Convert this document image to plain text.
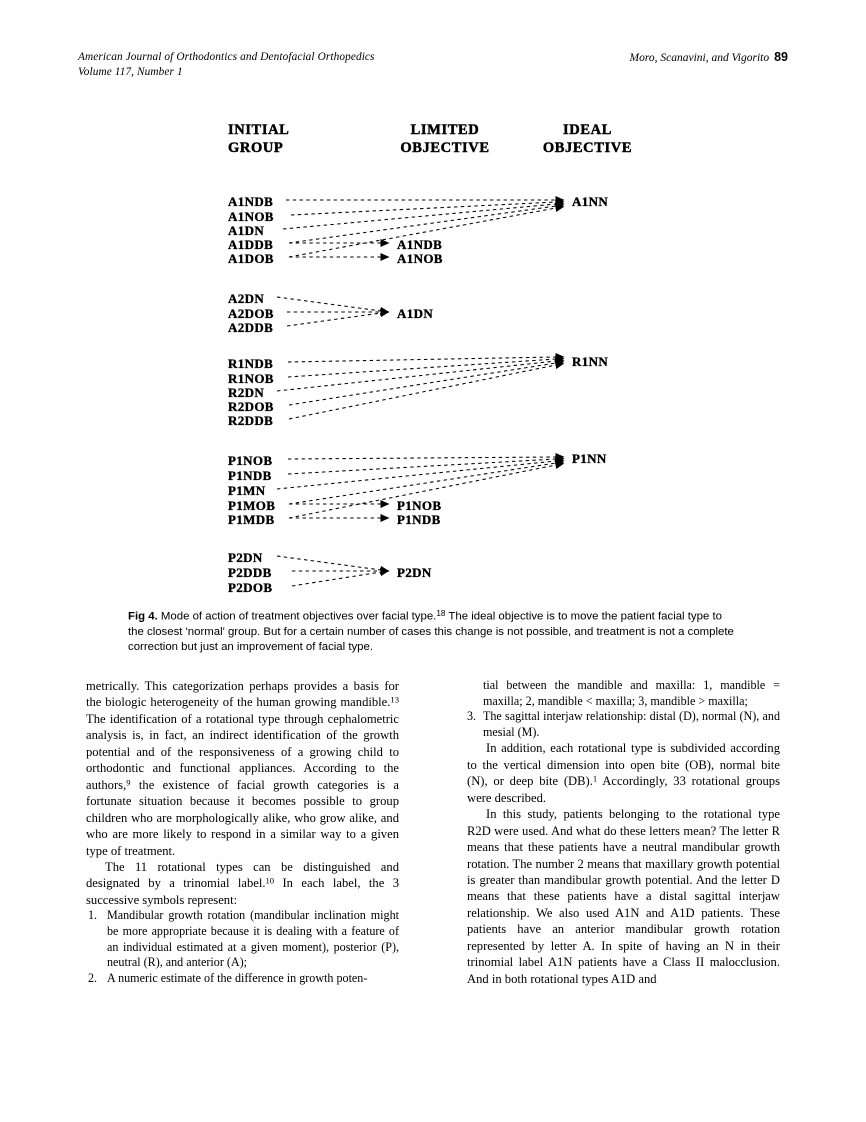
American Journal of Orthodontics and Dentofacial Orthopedics
Volume 117, Number 1
Moro, Scanavini, and Vigorito 89
INITIAL
GROUP
LIMITED
OBJECTIVE
IDEAL
OBJECTIVE
A1NDB
A1NOB
A1DN
A1DDB
A1DOB
A1NDB
A1NOB
A1NN
A2DN
A2DOB
A2DDB
A1DN
R1NDB
R1NOB
R2DN
R2DOB
R2DDB
R1NN
P1NOB
P1NDB
P1MN
P1MOB
P1MDB
P1NOB
P1NDB
P1NN
P2DN
P2DDB
P2DOB
P2DN
Fig 4. Mode of action of treatment objectives over facial type.$^{18}$ The ideal objective is to move the patient facial type to the closest 'normal' group. But for a certain number of cases this change is not possible, and treatment is not a complete correction but just an improvement of facial type.

metrically. This categorization perhaps provides a basis for the biologic heterogeneity of the human growing mandible.$^{13}$ The identification of a rotational type through cephalometric analysis is, in fact, an indirect identification of the growth potential and of the responsiveness of a growing child to orthodontic and functional appliances. According to the authors,$^9$ the existence of facial growth categories is a fortunate situation because it becomes possible to group children who are morphologically alike, who grow alike, and who are more likely to respond in a similar way to a given type of treatment.

The 11 rotational types can be distinguished and designated by a trinomial label.$^{10}$ In each label, the 3 successive symbols represent:

1. Mandibular growth rotation (mandibular inclination might be more appropriate because it is dealing with a feature of an individual estimated at a given moment), posterior (P), neutral (R), and anterior (A);
2. A numeric estimate of the difference in growth poten-
tial between the mandible and maxilla: 1, mandible = maxilla; 2, mandible < maxilla; 3, mandible > maxilla;
3. The sagittal interjaw relationship: distal (D), normal (N), and mesial (M).

In addition, each rotational type is subdivided according to the vertical dimension into open bite (OB), normal bite (N), or deep bite (DB).$^1$ Accordingly, 33 rotational groups were described.

In this study, patients belonging to the rotational type R2D were used. And what do these letters mean? The letter R means that these patients have a neutral mandibular growth rotation. The number 2 means that maxillary growth potential is greater than mandibular growth potential. And the letter D means that these patients have a distal sagittal interjaw relationship. We also used A1N and A1D patients. These patients have an anterior mandibular growth rotation represented by letter A. In spite of having an N in their trinomial label A1N patients have a Class II malocclusion. And in both rotational types A1D and
